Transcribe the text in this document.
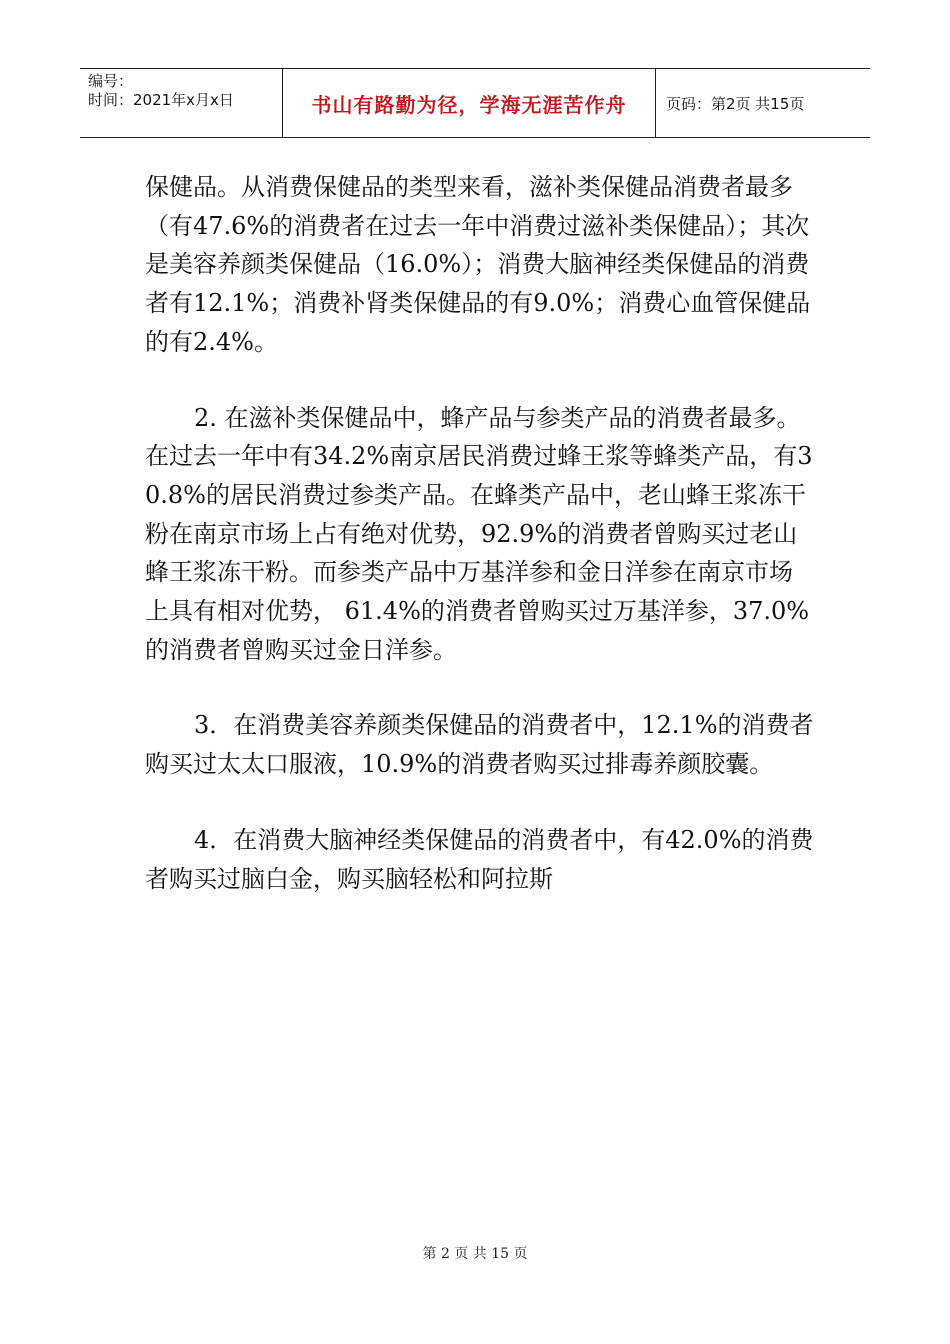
编号：
时间：2021年x月x日	书山有路勤为径，学海无涯苦作舟	页码：第2页 共15页

保健品。从消费保健品的类型来看，滋补类保健品消费者最多（有47.6%的消费者在过去一年中消费过滋补类保健品）；其次是美容养颜类保健品（16.0%）；消费大脑神经类保健品的消费者有12.1%；消费补肾类保健品的有9.0%；消费心血管保健品的有2.4%。

2. 在滋补类保健品中，蜂产品与参类产品的消费者最多。在过去一年中有34.2%南京居民消费过蜂王浆等蜂类产品，有30.8%的居民消费过参类产品。在蜂类产品中，老山蜂王浆冻干粉在南京市场上占有绝对优势，92.9%的消费者曾购买过老山蜂王浆冻干粉。而参类产品中万基洋参和金日洋参在南京市场上具有相对优势， 61.4%的消费者曾购买过万基洋参，37.0%的消费者曾购买过金日洋参。

3．在消费美容养颜类保健品的消费者中，12.1%的消费者购买过太太口服液，10.9%的消费者购买过排毒养颜胶囊。

4．在消费大脑神经类保健品的消费者中，有42.0%的消费者购买过脑白金，购买脑轻松和阿拉斯

第 2 页 共 15 页
